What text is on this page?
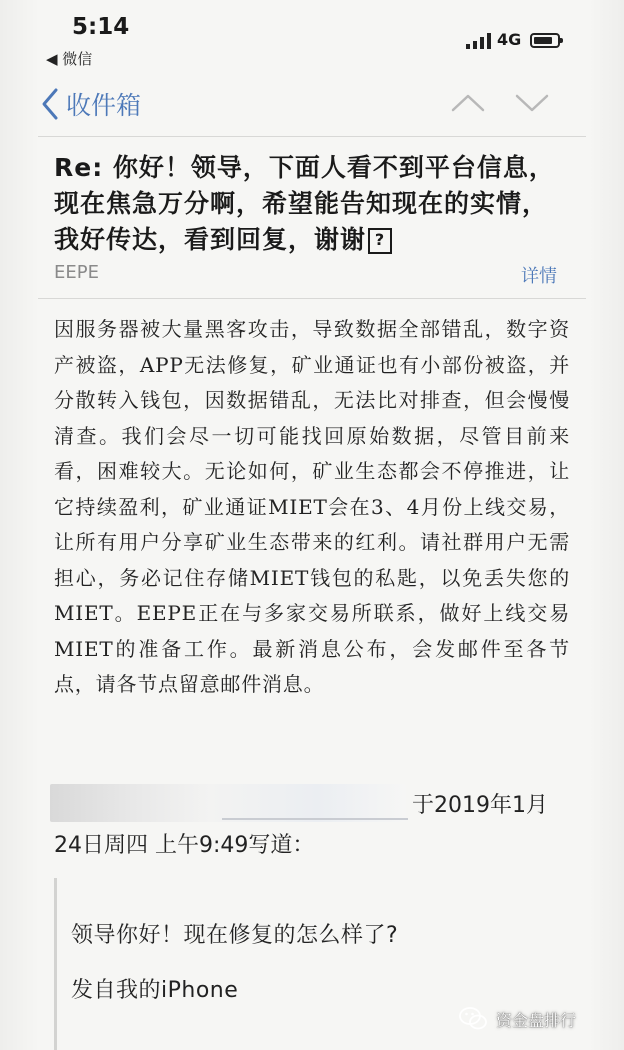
5:14
◀ 微信
4G
收件箱
Re: 你好！领导，下面人看不到平台信息，现在焦急万分啊，希望能告知现在的实情，我好传达，看到回复，谢谢 ?
EEPE	详情
因服务器被大量黑客攻击，导致数据全部错乱，数字资产被盗，APP无法修复，矿业通证也有小部份被盗，并分散转入钱包，因数据错乱，无法比对排查，但会慢慢清查。我们会尽一切可能找回原始数据，尽管目前来看，困难较大。无论如何，矿业生态都会不停推进，让它持续盈利，矿业通证MIET会在3、4月份上线交易，让所有用户分享矿业生态带来的红利。请社群用户无需担心，务必记住存储MIET钱包的私匙，以免丢失您的MIET。EEPE正在与多家交易所联系，做好上线交易MIET的准备工作。最新消息公布，会发邮件至各节点，请各节点留意邮件消息。
于2019年1月24日周四 上午9:49写道：
领导你好！现在修复的怎么样了?
发自我的iPhone
资金盘排行
